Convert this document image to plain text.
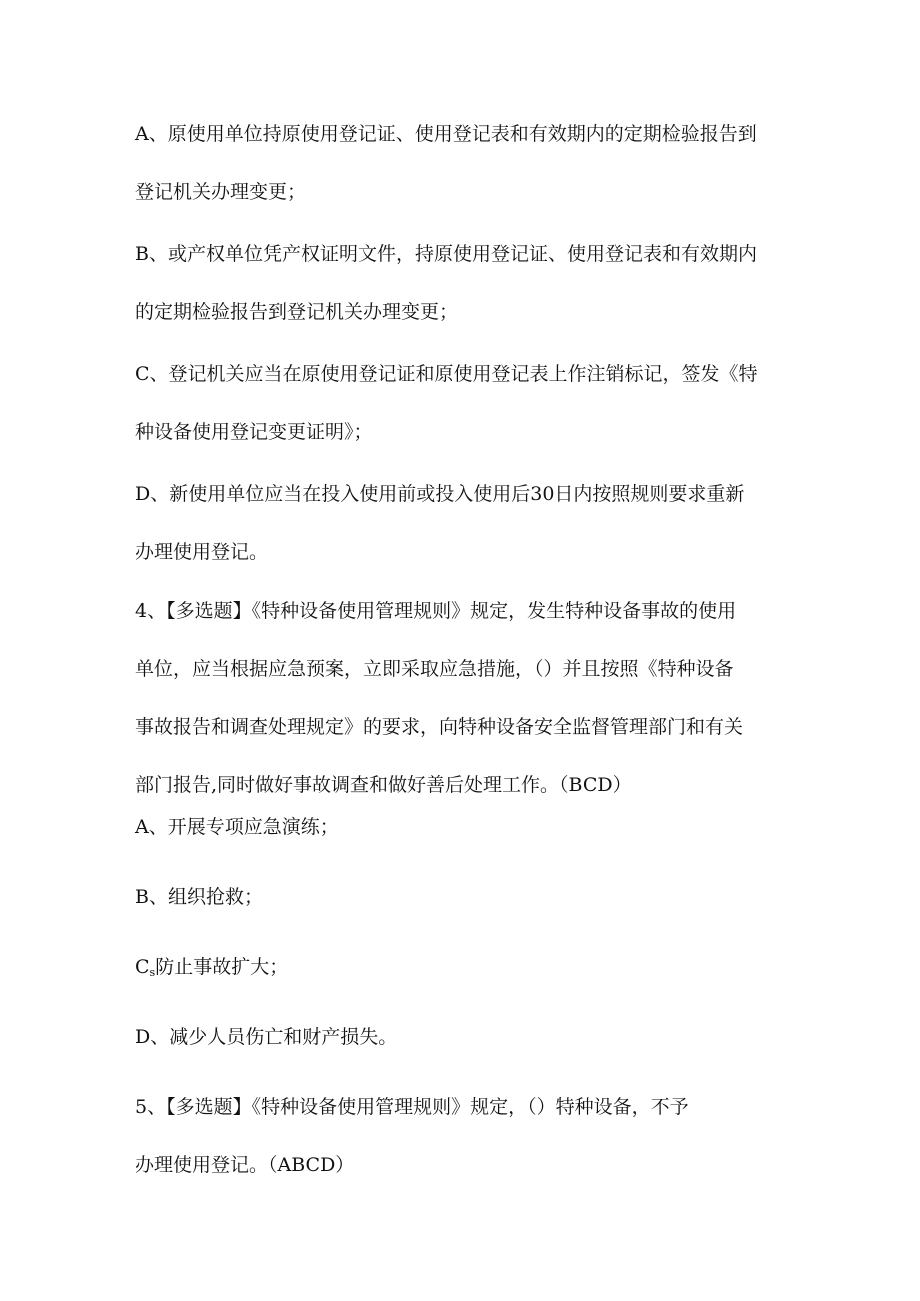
A、原使用单位持原使用登记证、使用登记表和有效期内的定期检验报告到
登记机关办理变更；

B、或产权单位凭产权证明文件，持原使用登记证、使用登记表和有效期内
的定期检验报告到登记机关办理变更；

C、登记机关应当在原使用登记证和原使用登记表上作注销标记，签发《特
种设备使用登记变更证明》；

D、新使用单位应当在投入使用前或投入使用后30日内按照规则要求重新
办理使用登记。

4、【多选题】《特种设备使用管理规则》规定，发生特种设备事故的使用
单位，应当根据应急预案，立即采取应急措施，（）并且按照《特种设备
事故报告和调查处理规定》的要求，向特种设备安全监督管理部门和有关
部门报告,同时做好事故调查和做好善后处理工作。（BCD）

A、开展专项应急演练；

B、组织抢救；

$C_s$防止事故扩大；

D、减少人员伤亡和财产损失。

5、【多选题】《特种设备使用管理规则》规定，（）特种设备，不予
办理使用登记。（ABCD）
